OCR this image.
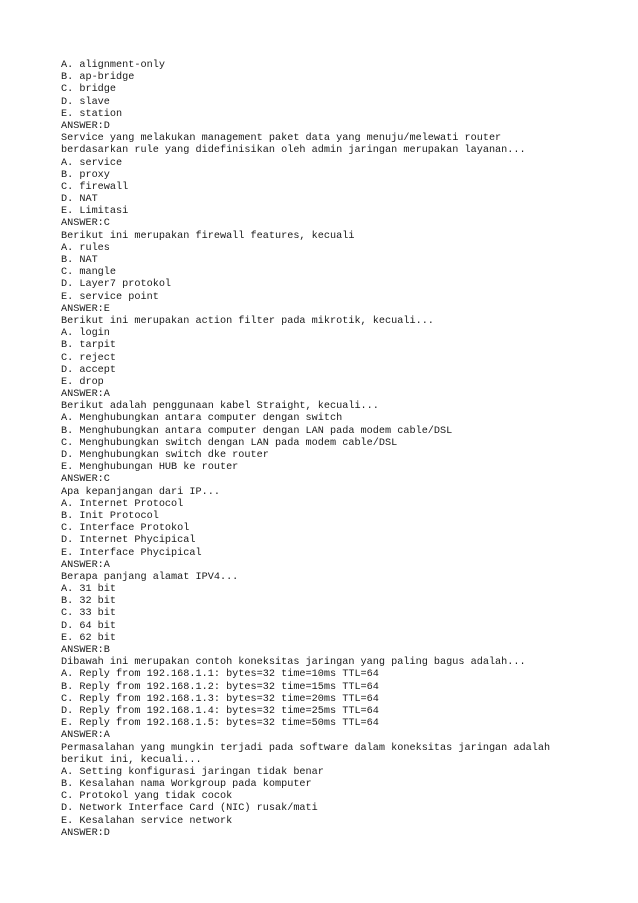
A. alignment-only
B. ap-bridge
C. bridge
D. slave
E. station
ANSWER:D
Service yang melakukan management paket data yang menuju/melewati router
berdasarkan rule yang didefinisikan oleh admin jaringan merupakan layanan...
A. service
B. proxy
C. firewall
D. NAT
E. Limitasi
ANSWER:C
Berikut ini merupakan firewall features, kecuali
A. rules
B. NAT
C. mangle
D. Layer7 protokol
E. service point
ANSWER:E
Berikut ini merupakan action filter pada mikrotik, kecuali...
A. login
B. tarpit
C. reject
D. accept
E. drop
ANSWER:A
Berikut adalah penggunaan kabel Straight, kecuali...
A. Menghubungkan antara computer dengan switch
B. Menghubungkan antara computer dengan LAN pada modem cable/DSL
C. Menghubungkan switch dengan LAN pada modem cable/DSL
D. Menghubungkan switch dke router
E. Menghubungan HUB ke router
ANSWER:C
Apa kepanjangan dari IP...
A. Internet Protocol
B. Init Protocol
C. Interface Protokol
D. Internet Phycipical
E. Interface Phycipical
ANSWER:A
Berapa panjang alamat IPV4...
A. 31 bit
B. 32 bit
C. 33 bit
D. 64 bit
E. 62 bit
ANSWER:B
Dibawah ini merupakan contoh koneksitas jaringan yang paling bagus adalah...
A. Reply from 192.168.1.1: bytes=32 time=10ms TTL=64
B. Reply from 192.168.1.2: bytes=32 time=15ms TTL=64
C. Reply from 192.168.1.3: bytes=32 time=20ms TTL=64
D. Reply from 192.168.1.4: bytes=32 time=25ms TTL=64
E. Reply from 192.168.1.5: bytes=32 time=50ms TTL=64
ANSWER:A
Permasalahan yang mungkin terjadi pada software dalam koneksitas jaringan adalah
berikut ini, kecuali...
A. Setting konfigurasi jaringan tidak benar
B. Kesalahan nama Workgroup pada komputer
C. Protokol yang tidak cocok
D. Network Interface Card (NIC) rusak/mati
E. Kesalahan service network
ANSWER:D
